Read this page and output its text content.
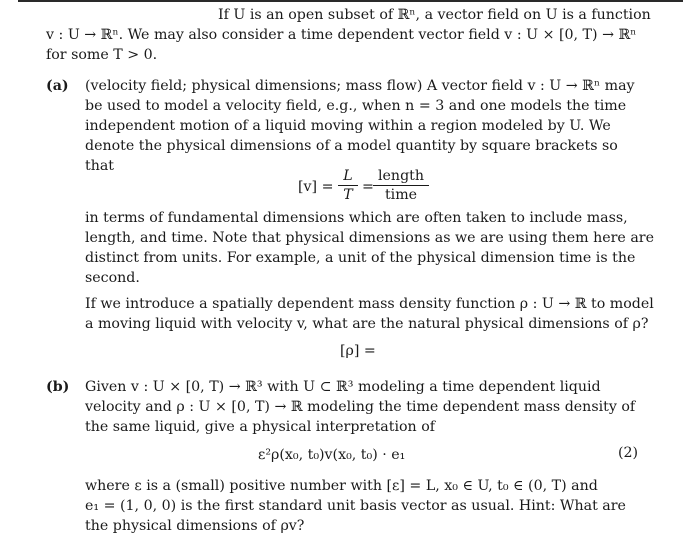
If U is an open subset of ℝⁿ, a vector field on U is a function
v : U → ℝⁿ. We may also consider a time dependent vector field v : U × [0, T) → ℝⁿ
for some T > 0.
(a) (velocity field; physical dimensions; mass flow) A vector field v : U → ℝⁿ may
be used to model a velocity field, e.g., when n = 3 and one models the time
independent motion of a liquid moving within a region modeled by U. We
denote the physical dimensions of a model quantity by square brackets so
that
$[v] = \frac{L}{T}$ =
length
time
in terms of fundamental dimensions which are often taken to include mass,
length, and time. Note that physical dimensions as we are using them here are
distinct from units. For example, a unit of the physical dimension time is the
second.
If we introduce a spatially dependent mass density function ρ : U → ℝ to model
a moving liquid with velocity v, what are the natural physical dimensions of ρ?
[ρ] =
(b) Given v : U × [0, T) → ℝ³ with U ⊂ ℝ³ modeling a time dependent liquid
velocity and ρ : U × [0, T) → ℝ modeling the time dependent mass density of
the same liquid, give a physical interpretation of
ε²ρ(x₀, t₀)v(x₀, t₀) · e₁	(2)
where ε is a (small) positive number with [ε] = L, x₀ ∈ U, t₀ ∈ (0, T) and
e₁ = (1, 0, 0) is the first standard unit basis vector as usual. Hint: What are
the physical dimensions of ρv?
